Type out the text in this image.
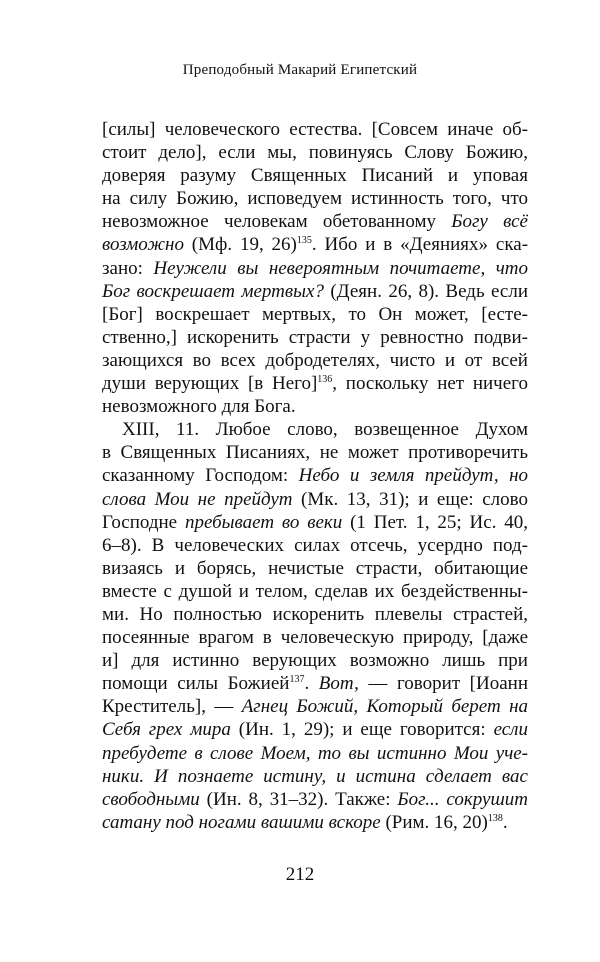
Преподобный Макарий Египетский
[силы] человеческого естества. [Совсем иначе об-
стоит дело], если мы, повинуясь Слову Божию,
доверяя разуму Священных Писаний и уповая
на силу Божию, исповедуем истинность того, что
невозможное человекам обетованному Богу всё
возможно (Мф. 19, 26)$^{135}$. Ибо и в «Деяниях» ска-
зано: Неужели вы невероятным почитаете, что
Бог воскрешает мертвых? (Деян. 26, 8). Ведь если
[Бог] воскрешает мертвых, то Он может, [есте-
ственно,] искоренить страсти у ревностно подви-
зающихся во всех добродетелях, чисто и от всей
души верующих [в Него]$^{136}$, поскольку нет ничего
невозможного для Бога.
XIII, 11. Любое слово, возвещенное Духом
в Священных Писаниях, не может противоречить
сказанному Господом: Небо и земля прейдут, но
слова Мои не прейдут (Мк. 13, 31); и еще: слово
Господне пребывает во веки (1 Пет. 1, 25; Ис. 40,
6–8). В человеческих силах отсечь, усердно под-
визаясь и борясь, нечистые страсти, обитающие
вместе с душой и телом, сделав их бездейственны-
ми. Но полностью искоренить плевелы страстей,
посеянные врагом в человеческую природу, [даже
и] для истинно верующих возможно лишь при
помощи силы Божией$^{137}$. Вот, — говорит [Иоанн
Креститель], — Агнец Божий, Который берет на
Себя грех мира (Ин. 1, 29); и еще говорится: если
пребудете в слове Моем, то вы истинно Мои уче-
ники. И познаете истину, и истина сделает вас
свободными (Ин. 8, 31–32). Также: Бог... сокрушит
сатану под ногами вашими вскоре (Рим. 16, 20)$^{138}$.
212
